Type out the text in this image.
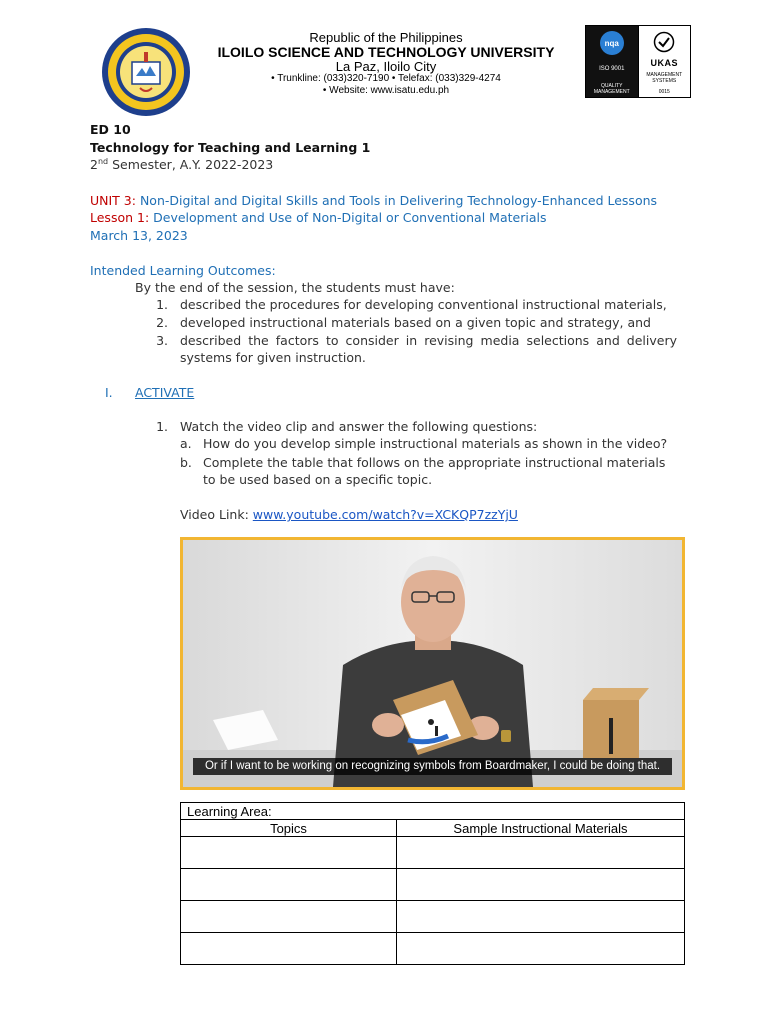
Republic of the Philippines
ILOILO SCIENCE AND TECHNOLOGY UNIVERSITY
La Paz, Iloilo City
• Trunkline: (033)320-7190 • Telefax: (033)329-4274
• Website: www.isatu.edu.ph
nqa
ISO 9001
QUALITY MANAGEMENT
UKAS
MANAGEMENT SYSTEMS
0015
ED 10
Technology for Teaching and Learning 1
2nd Semester, A.Y. 2022-2023
UNIT 3: Non-Digital and Digital Skills and Tools in Delivering Technology-Enhanced Lessons
Lesson 1: Development and Use of Non-Digital or Conventional Materials
March 13, 2023
Intended Learning Outcomes:
By the end of the session, the students must have:
1. described the procedures for developing conventional instructional materials,
2. developed instructional materials based on a given topic and strategy, and
3. described the factors to consider in revising media selections and delivery systems for given instruction.
I. ACTIVATE
1. Watch the video clip and answer the following questions:
a. How do you develop simple instructional materials as shown in the video?
b. Complete the table that follows on the appropriate instructional materials to be used based on a specific topic.
Video Link: www.youtube.com/watch?v=XCKQP7zzYjU
Or if I want to be working on recognizing symbols from Boardmaker, I could be doing that.
Learning Area:	
Topics	Sample Instructional Materials
